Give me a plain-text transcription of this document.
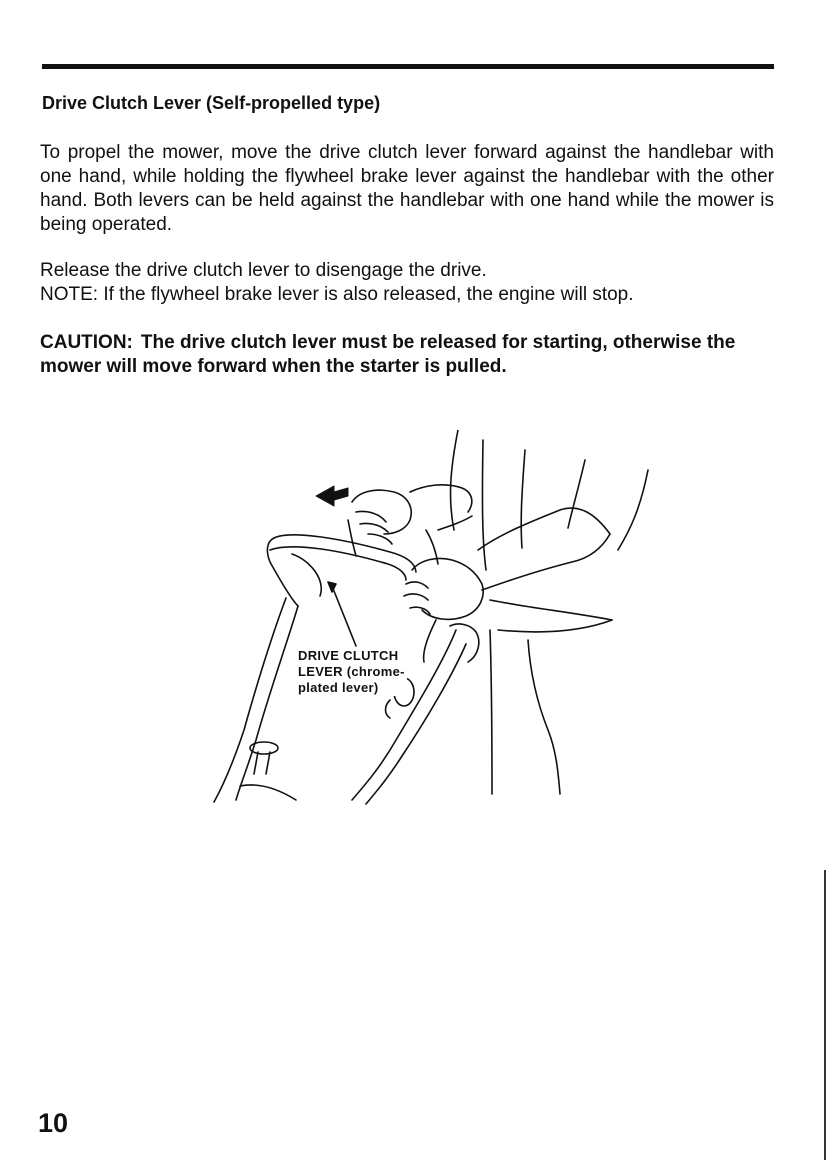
Drive Clutch Lever (Self-propelled type)

To propel the mower, move the drive clutch lever forward against the handlebar with one hand, while holding the flywheel brake lever against the handlebar with the other hand. Both levers can be held against the handlebar with one hand while the mower is being operated.

Release the drive clutch lever to disengage the drive.
NOTE: If the flywheel brake lever is also released, the engine will stop.

CAUTION: The drive clutch lever must be released for starting, otherwise the mower will move forward when the starter is pulled.

DRIVE CLUTCH
LEVER (chrome-
plated lever)
10
